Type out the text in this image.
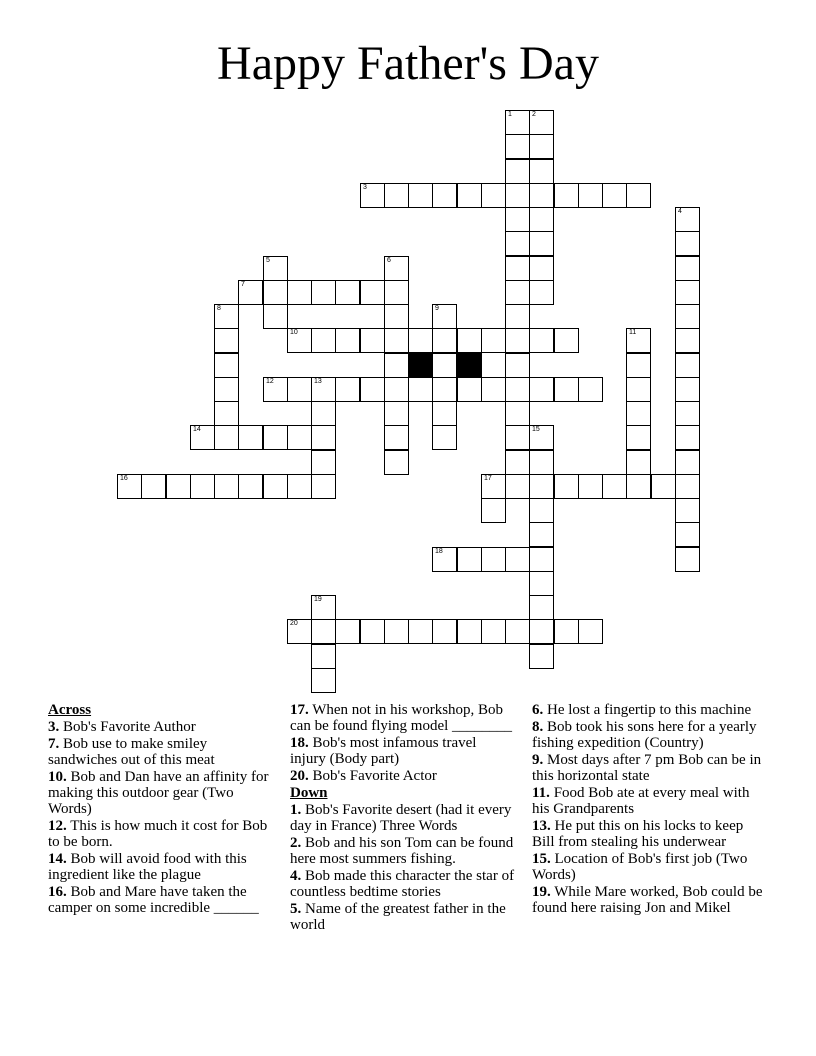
Happy Father's Day
1	2
3
4
5	6
7
8	9
10	11
12	13
14	15
16	17
18
19
20
Across
3. Bob's Favorite Author
7. Bob use to make smiley sandwiches out of this meat
10. Bob and Dan have an affinity for making this outdoor gear (Two Words)
12. This is how much it cost for Bob to be born.
14. Bob will avoid food with this ingredient like the plague
16. Bob and Mare have taken the camper on some incredible ______
17. When not in his workshop, Bob can be found flying model ________
18. Bob's most infamous travel injury (Body part)
20. Bob's Favorite Actor
Down
1. Bob's Favorite desert (had it every day in France) Three Words
2. Bob and his son Tom can be found here most summers fishing.
4. Bob made this character the star of countless bedtime stories
5. Name of the greatest father in the world
6. He lost a fingertip to this machine
8. Bob took his sons here for a yearly fishing expedition (Country)
9. Most days after 7 pm Bob can be in this horizontal state
11. Food Bob ate at every meal with his Grandparents
13. He put this on his locks to keep Bill from stealing his underwear
15. Location of Bob's first job (Two Words)
19. While Mare worked, Bob could be found here raising Jon and Mikel
